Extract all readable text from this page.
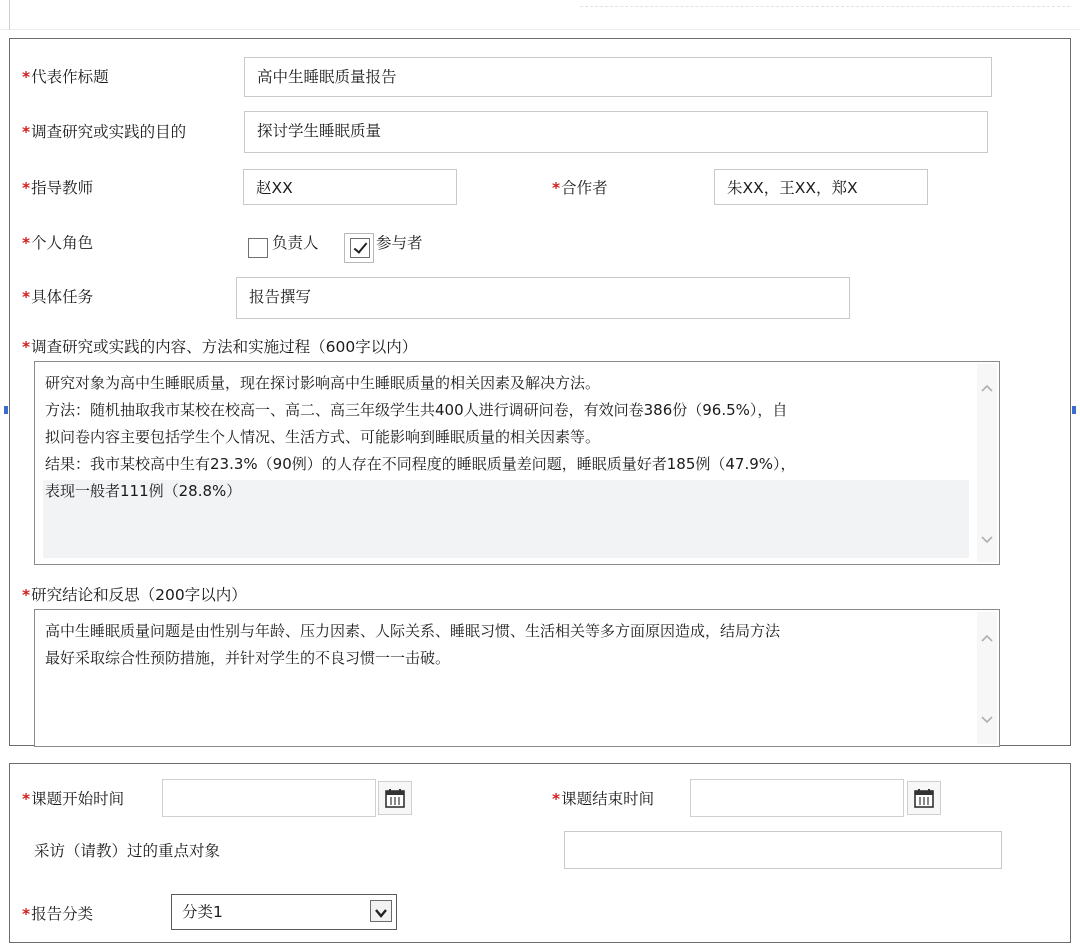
*代表作标题	高中生睡眠质量报告
*调查研究或实践的目的	探讨学生睡眠质量
*指导教师	赵XX	*合作者	朱XX，王XX，郑X
*个人角色	负责人	参与者
*具体任务	报告撰写
*调查研究或实践的内容、方法和实施过程（600字以内）

研究对象为高中生睡眠质量，现在探讨影响高中生睡眠质量的相关因素及解决方法。

方法：随机抽取我市某校在校高一、高二、高三年级学生共400人进行调研问卷，有效问卷386份（96.5%），自

拟问卷内容主要包括学生个人情况、生活方式、可能影响到睡眠质量的相关因素等。

结果：我市某校高中生有23.3%（90例）的人存在不同程度的睡眠质量差问题，睡眠质量好者185例（47.9%），

表现一般者111例（28.8%）

*研究结论和反思（200字以内）

高中生睡眠质量问题是由性别与年龄、压力因素、人际关系、睡眠习惯、生活相关等多方面原因造成，结局方法

最好采取综合性预防措施，并针对学生的不良习惯一一击破。

*课题开始时间	*课题结束时间
采访（请教）过的重点对象
*报告分类	分类1
